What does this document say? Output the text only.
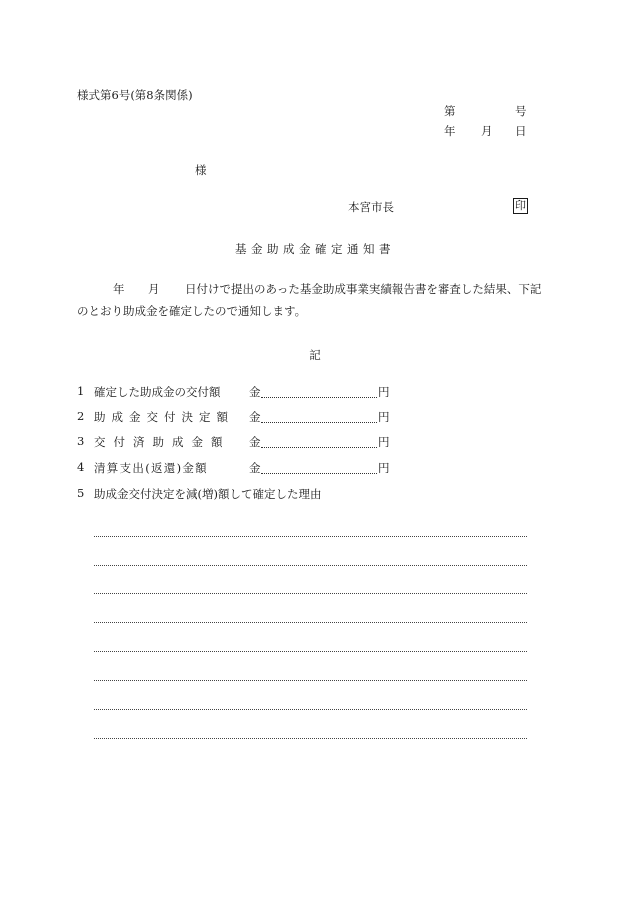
様式第6号(第8条関係)
第	号
年 月 日
様
本宮市長	印
基金助成金確定通知書
年 月 日付けで提出のあった基金助成事業実績報告書を審査した結果、下記
のとおり助成金を確定したので通知します。
記
1 確定した助成金の交付額 金	円
2 助成金交付決定額 金	円
3 交付済助成金額 金	円
4 清算支出(返還)金額	金	円
5 助成金交付決定を減(増)額して確定した理由
